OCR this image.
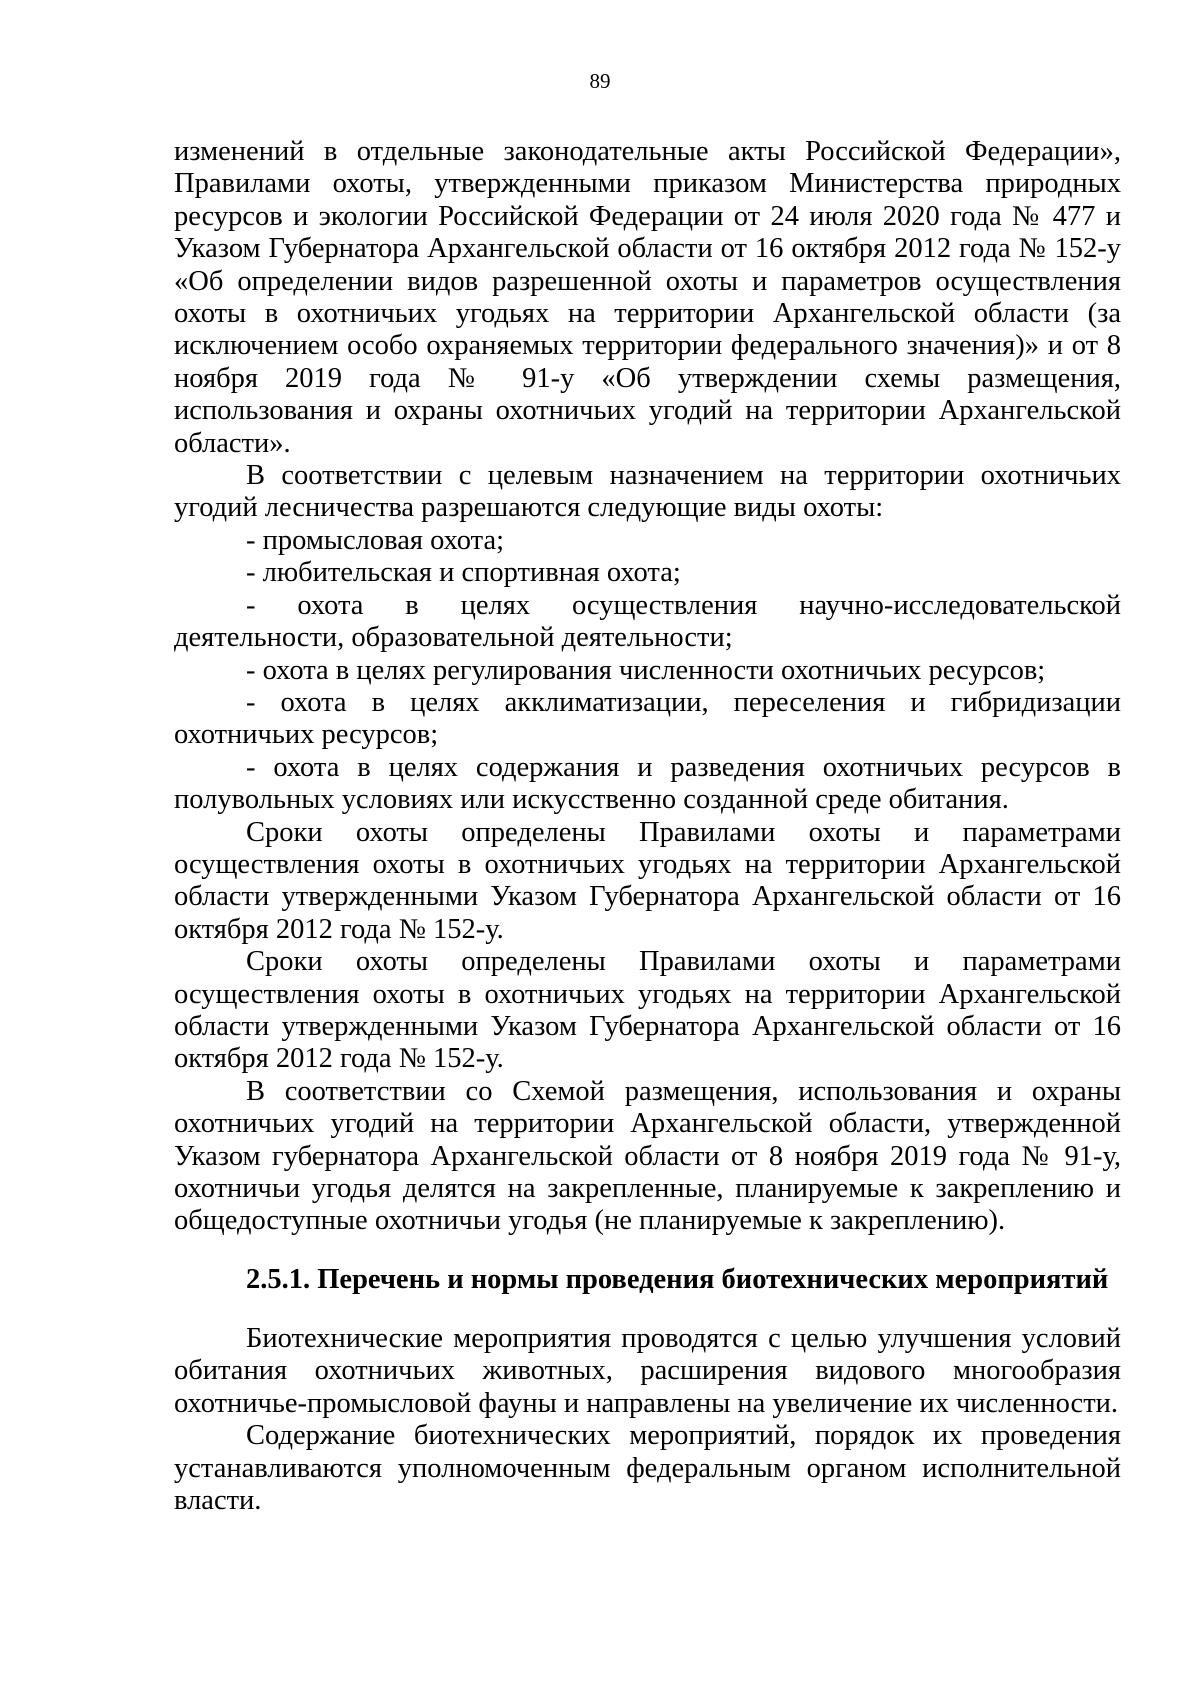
89

изменений в отдельные законодательные акты Российской Федерации», Правилами охоты, утвержденными приказом Министерства природных ресурсов и экологии Российской Федерации от 24 июля 2020 года № 477 и Указом Губернатора Архангельской области от 16 октября 2012 года № 152-у «Об определении видов разрешенной охоты и параметров осуществления охоты в охотничьих угодьях на территории Архангельской области (за исключением особо охраняемых территории федерального значения)» и от 8 ноября 2019 года № 91-у «Об утверждении схемы размещения, использования и охраны охотничьих угодий на территории Архангельской области».

В соответствии с целевым назначением на территории охотничьих угодий лесничества разрешаются следующие виды охоты:

- промысловая охота;

- любительская и спортивная охота;

- охота в целях осуществления научно-исследовательской деятельности, образовательной деятельности;

- охота в целях регулирования численности охотничьих ресурсов;

- охота в целях акклиматизации, переселения и гибридизации охотничьих ресурсов;

- охота в целях содержания и разведения охотничьих ресурсов в полувольных условиях или искусственно созданной среде обитания.

Сроки охоты определены Правилами охоты и параметрами осуществления охоты в охотничьих угодьях на территории Архангельской области утвержденными Указом Губернатора Архангельской области от 16 октября 2012 года № 152-у.

Сроки охоты определены Правилами охоты и параметрами осуществления охоты в охотничьих угодьях на территории Архангельской области утвержденными Указом Губернатора Архангельской области от 16 октября 2012 года № 152-у.

В соответствии со Схемой размещения, использования и охраны охотничьих угодий на территории Архангельской области, утвержденной Указом губернатора Архангельской области от 8 ноября 2019 года № 91-у, охотничьи угодья делятся на закрепленные, планируемые к закреплению и общедоступные охотничьи угодья (не планируемые к закреплению).

2.5.1. Перечень и нормы проведения биотехнических мероприятий

Биотехнические мероприятия проводятся с целью улучшения условий обитания охотничьих животных, расширения видового многообразия охотничье-промысловой фауны и направлены на увеличение их численности.

Содержание биотехнических мероприятий, порядок их проведения устанавливаются уполномоченным федеральным органом исполнительной власти.
